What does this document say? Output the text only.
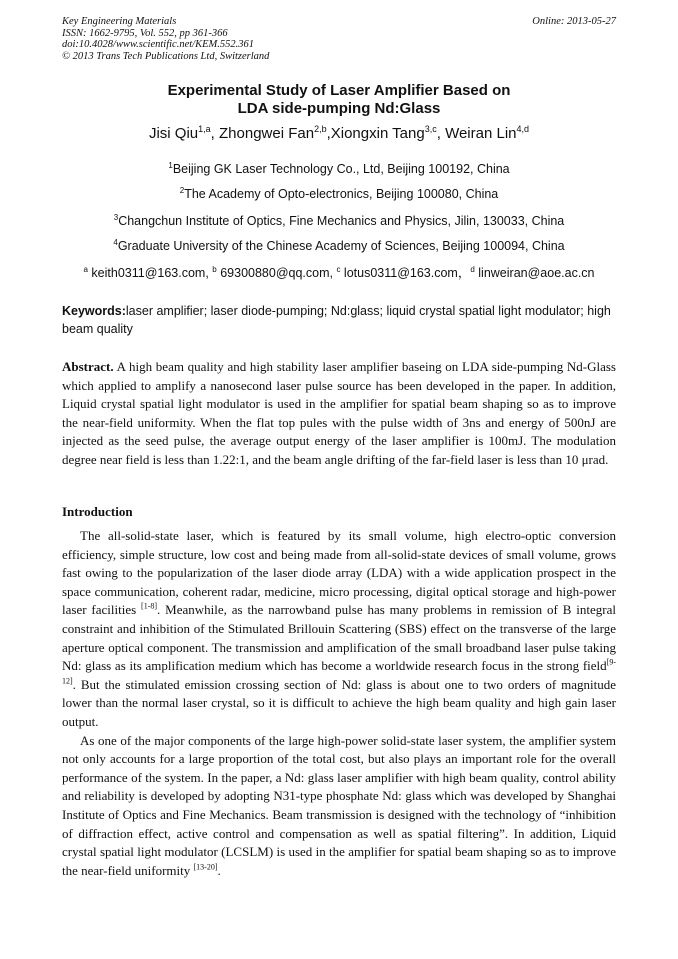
Key Engineering Materials
ISSN: 1662-9795, Vol. 552, pp 361-366
doi:10.4028/www.scientific.net/KEM.552.361
© 2013 Trans Tech Publications Ltd, Switzerland
Online: 2013-05-27
Experimental Study of Laser Amplifier Based on
LDA side-pumping Nd:Glass
Jisi Qiu$^{1,a}$, Zhongwei Fan$^{2,b}$,Xiongxin Tang$^{3,c}$, Weiran Lin$^{4,d}$
$^1$Beijing GK Laser Technology Co., Ltd, Beijing 100192, China
$^2$The Academy of Opto-electronics, Beijing 100080, China
$^3$Changchun Institute of Optics, Fine Mechanics and Physics, Jilin, 130033, China
$^4$Graduate University of the Chinese Academy of Sciences, Beijing 100094, China
$^a$ keith0311@163.com, $^b$ 69300880@qq.com, $^c$ lotus0311@163.com，$^d$ linweiran@aoe.ac.cn
Keywords:laser amplifier; laser diode-pumping; Nd:glass; liquid crystal spatial light modulator; high beam quality
Abstract. A high beam quality and high stability laser amplifier baseing on LDA side-pumping Nd-Glass which applied to amplify a nanosecond laser pulse source has been developed in the paper. In addition, Liquid crystal spatial light modulator is used in the amplifier for spatial beam shaping so as to improve the near-field uniformity. When the flat top pules with the pulse width of 3ns and energy of 500nJ are injected as the seed pulse, the average output energy of the laser amplifier is 100mJ. The modulation degree near field is less than 1.22:1, and the beam angle drifting of the far-field laser is less than 10 μrad.
Introduction

The all-solid-state laser, which is featured by its small volume, high electro-optic conversion efficiency, simple structure, low cost and being made from all-solid-state devices of small volume, grows fast owing to the popularization of the laser diode array (LDA) with a wide application prospect in the space communication, coherent radar, medicine, micro processing, digital optical storage and high-power laser facilities [1-8]. Meanwhile, as the narrowband pulse has many problems in remission of B integral constraint and inhibition of the Stimulated Brillouin Scattering (SBS) effect on the transverse of the large aperture optical component. The transmission and amplification of the small broadband laser pulse taking Nd: glass as its amplification medium which has become a worldwide research focus in the strong field[9-12]. But the stimulated emission crossing section of Nd: glass is about one to two orders of magnitude lower than the normal laser crystal, so it is difficult to achieve the high beam quality and high gain laser output.

As one of the major components of the large high-power solid-state laser system, the amplifier system not only accounts for a large proportion of the total cost, but also plays an important role for the overall performance of the system. In the paper, a Nd: glass laser amplifier with high beam quality, control ability and reliability is developed by adopting N31-type phosphate Nd: glass which was developed by Shanghai Institute of Optics and Fine Mechanics. Beam transmission is designed with the technology of “inhibition of diffraction effect, active control and compensation as well as spatial filtering”. In addition, Liquid crystal spatial light modulator (LCSLM) is used in the amplifier for spatial beam shaping so as to improve the near-field uniformity [13-20].
